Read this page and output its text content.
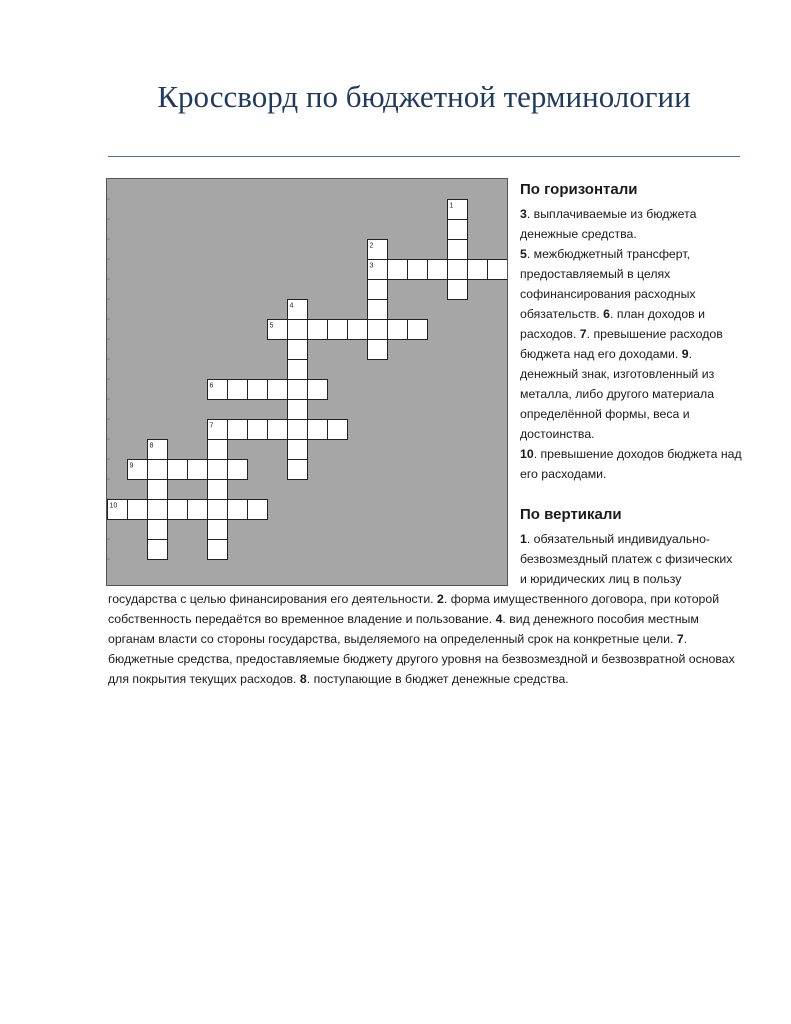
Кроссворд по бюджетной терминологии
3
5
6
7
9
10
1
2
4
8
По горизонтали
3. выплачиваемые из бюджета денежные средства.
5. межбюджетный трансферт, предоставляемый в целях софинансирования расходных обязательств. 6. план доходов и расходов. 7. превышение расходов бюджета над его доходами. 9. денежный знак, изготовленный из металла, либо другого материала определённой формы, веса и достоинства.
10. превышение доходов бюджета над его расходами.
По вертикали
1. обязательный индивидуально-безвозмездный платеж с физических и юридических лиц в пользу государства с целью финансирования его деятельности. 2. форма имущественного договора, при которой собственность передаётся во временное владение и пользование. 4. вид денежного пособия местным органам власти со стороны государства, выделяемого на определенный срок на конкретные цели. 7. бюджетные средства, предоставляемые бюджету другого уровня на безвозмездной и безвозвратной основах для покрытия текущих расходов. 8. поступающие в бюджет денежные средства.
